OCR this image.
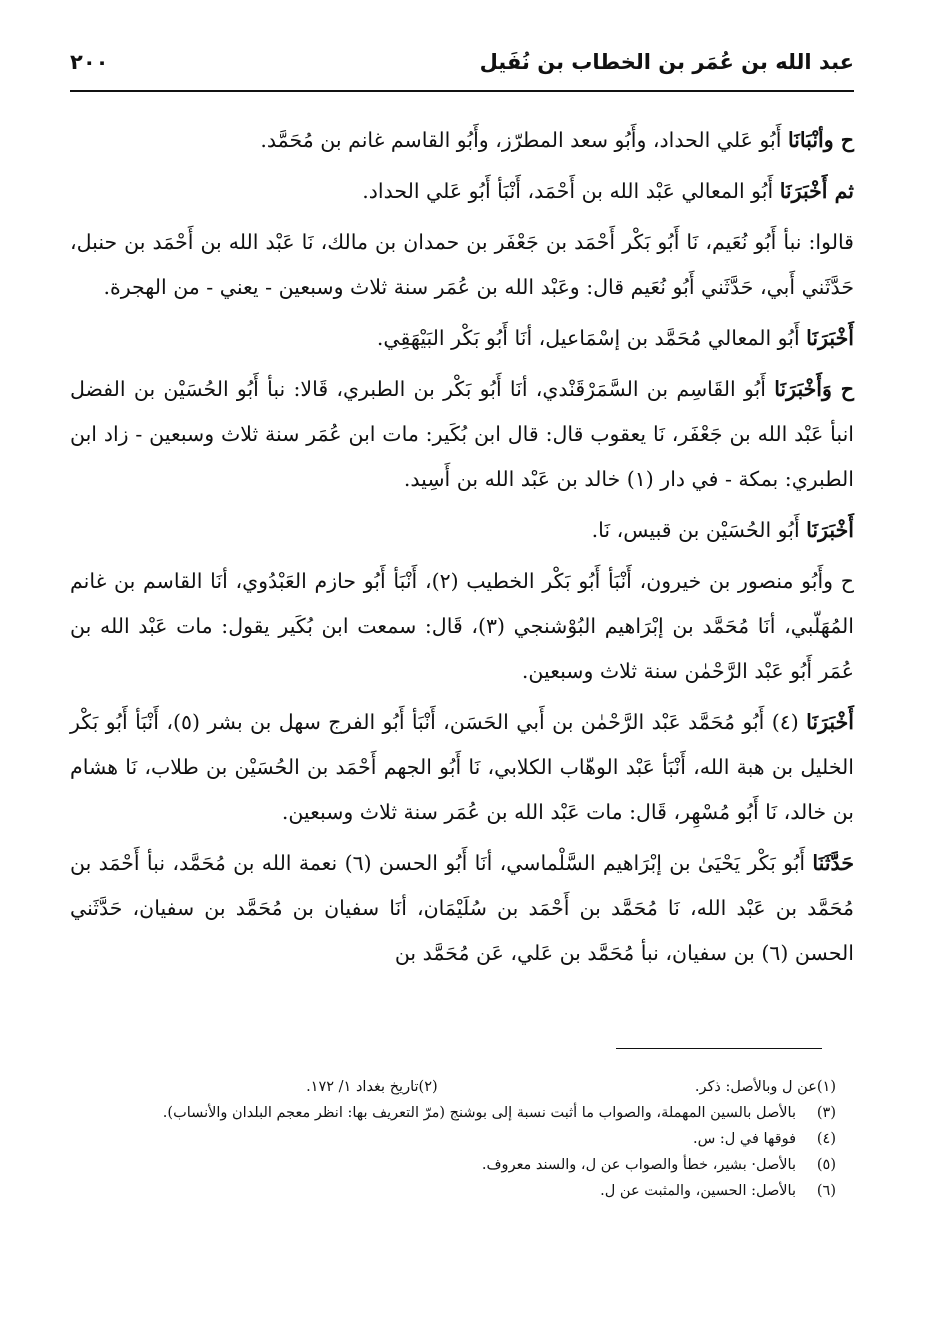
عبد الله بن عُمَر بن الخطاب بن نُفَيل
٢٠٠

ح وأنْبَانَا أَبُو عَلي الحداد، وأَبُو سعد المطرّز، وأَبُو القاسم غانم بن مُحَمَّد.

ثم أَخْبَرَنَا أَبُو المعالي عَبْد الله بن أَحْمَد، أَنْبَأ أَبُو عَلي الحداد.

قالوا: نبأ أَبُو نُعَيم، نَا أَبُو بَكْر أَحْمَد بن جَعْفَر بن حمدان بن مالك، نَا عَبْد الله بن أَحْمَد بن حنبل، حَدَّثَني أَبي، حَدَّثَني أَبُو نُعَيم قال: وعَبْد الله بن عُمَر سنة ثلاث وسبعين - يعني - من الهجرة.

أَخْبَرَنَا أَبُو المعالي مُحَمَّد بن إسْمَاعيل، أنَا أَبُو بَكْر البَيْهَقِي.

ح وَأَخْبَرَنَا أَبُو القَاسِم بن السَّمَرْقَنْدي، أنَا أَبُو بَكْر بن الطبري، قَالا: نبأ أَبُو الحُسَيْن بن الفضل انبأ عَبْد الله بن جَعْفَر، نَا يعقوب قال: قال ابن بُكَير: مات ابن عُمَر سنة ثلاث وسبعين - زاد ابن الطبري: بمكة - في دار (١) خالد بن عَبْد الله بن أَسِيد.

أَخْبَرَنَا أَبُو الحُسَيْن بن قبيس، نَا.

ح وأَبُو منصور بن خيرون، أَنْبَأ أَبُو بَكْر الخطيب (٢)، أَنْبَأ أَبُو حازم العَبْدُوي، أنَا القاسم بن غانم المُهَلّبي، أنَا مُحَمَّد بن إبْرَاهيم البُوْشنجي (٣)، قَال: سمعت ابن بُكَير يقول: مات عَبْد الله بن عُمَر أَبُو عَبْد الرَّحْمٰن سنة ثلاث وسبعين.

أَخْبَرَنَا (٤) أَبُو مُحَمَّد عَبْد الرَّحْمٰن بن أَبي الحَسَن، أَنْبَأ أَبُو الفرج سهل بن بشر (٥)، أَنْبَأ أَبُو بَكْر الخليل بن هبة الله، أَنْبَأ عَبْد الوهّاب الكلابي، نَا أَبُو الجهم أَحْمَد بن الحُسَيْن بن طلاب، نَا هشام بن خالد، نَا أَبُو مُسْهِر، قَال: مات عَبْد الله بن عُمَر سنة ثلاث وسبعين.

حَدَّثَنَا أَبُو بَكْر يَحْيَىٰ بن إبْرَاهيم السَّلْماسي، أنَا أَبُو الحسن (٦) نعمة الله بن مُحَمَّد، نبأ أَحْمَد بن مُحَمَّد بن عَبْد الله، نَا مُحَمَّد بن أَحْمَد بن سُلَيْمَان، أنَا سفيان بن مُحَمَّد بن سفيان، حَدَّثَني الحسن (٦) بن سفيان، نبأ مُحَمَّد بن عَلي، عَن مُحَمَّد بن

(١)
عن ل وبالأصل: ذكر.
(٢)
تاريخ بغداد ١/ ١٧٢.
(٣)
بالأصل بالسين المهملة، والصواب ما أثبت نسبة إلى بوشنج (مرّ التعريف بها: انظر معجم البلدان والأنساب).
(٤)
فوقها في ل: س.
(٥)
بالأصل· بشير، خطأ والصواب عن ل، والسند معروف.
(٦)
بالأصل: الحسين، والمثبت عن ل.
